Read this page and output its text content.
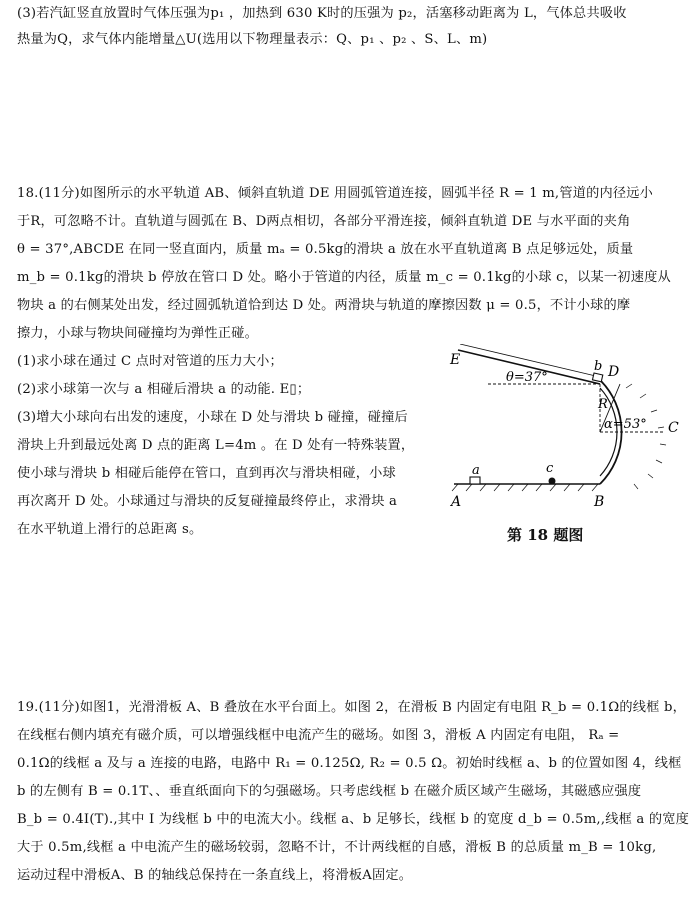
(3)若汽缸竖直放置时气体压强为p₁ ，加热到 630 K时的压强为 p₂，活塞移动距离为 L，气体总共吸收
热量为Q，求气体内能增量△U(选用以下物理量表示：Q、p₁ 、p₂ 、S、L、m)
18.(11分)如图所示的水平轨道 AB、倾斜直轨道 DE 用圆弧管道连接，圆弧半径 R = 1 m,管道的内径远小
于R，可忽略不计。直轨道与圆弧在 B、D两点相切，各部分平滑连接，倾斜直轨道 DE 与水平面的夹角
θ = 37°,ABCDE 在同一竖直面内，质量 mₐ = 0.5kg的滑块 a 放在水平直轨道离 B 点足够远处，质量
m_b = 0.1kg的滑块 b 停放在管口 D 处。略小于管道的内径，质量 m_c = 0.1kg的小球 c，以某一初速度从
物块 a 的右侧某处出发，经过圆弧轨道恰到达 D 处。两滑块与轨道的摩擦因数 μ = 0.5，不计小球的摩
擦力，小球与物块间碰撞均为弹性正碰。
(1)求小球在通过 C 点时对管道的压力大小；
(2)求小球第一次与 a 相碰后滑块 a 的动能. E▯；
(3)增大小球向右出发的速度，小球在 D 处与滑块 b 碰撞，碰撞后
滑块上升到最远处离 D 点的距离 L=4m 。在 D 处有一特殊装置，
使小球与滑块 b 相碰后能停在管口，直到再次与滑块相碰，小球
再次离开 D 处。小球通过与滑块的反复碰撞最终停止，求滑块 a
在水平轨道上滑行的总距离 s。
E
θ=37°
b D
R
α=53° C
a	c
A	B
第 18 题图
19.(11分)如图1，光滑滑板 A、B 叠放在水平台面上。如图 2，在滑板 B 内固定有电阻 R_b = 0.1Ω的线框 b，
在线框右侧内填充有磁介质，可以增强线框中电流产生的磁场。如图 3，滑板 A 内固定有电阻， Rₐ =
0.1Ω的线框 a 及与 a 连接的电路，电路中 R₁ = 0.125Ω, R₂ = 0.5 Ω。初始时线框 a、b 的位置如图 4，线框
b 的左侧有 B = 0.1T、、垂直纸面向下的匀强磁场。只考虑线框 b 在磁介质区域产生磁场，其磁感应强度
B_b = 0.4I(T).,其中 I 为线框 b 中的电流大小。线框 a、b 足够长，线框 b 的宽度 d_b = 0.5m,,线框 a 的宽度
大于 0.5m,线框 a 中电流产生的磁场较弱，忽略不计，不计两线框的自感，滑板 B 的总质量 m_B = 10kg,
运动过程中滑板A、B 的轴线总保持在一条直线上，将滑板A固定。
